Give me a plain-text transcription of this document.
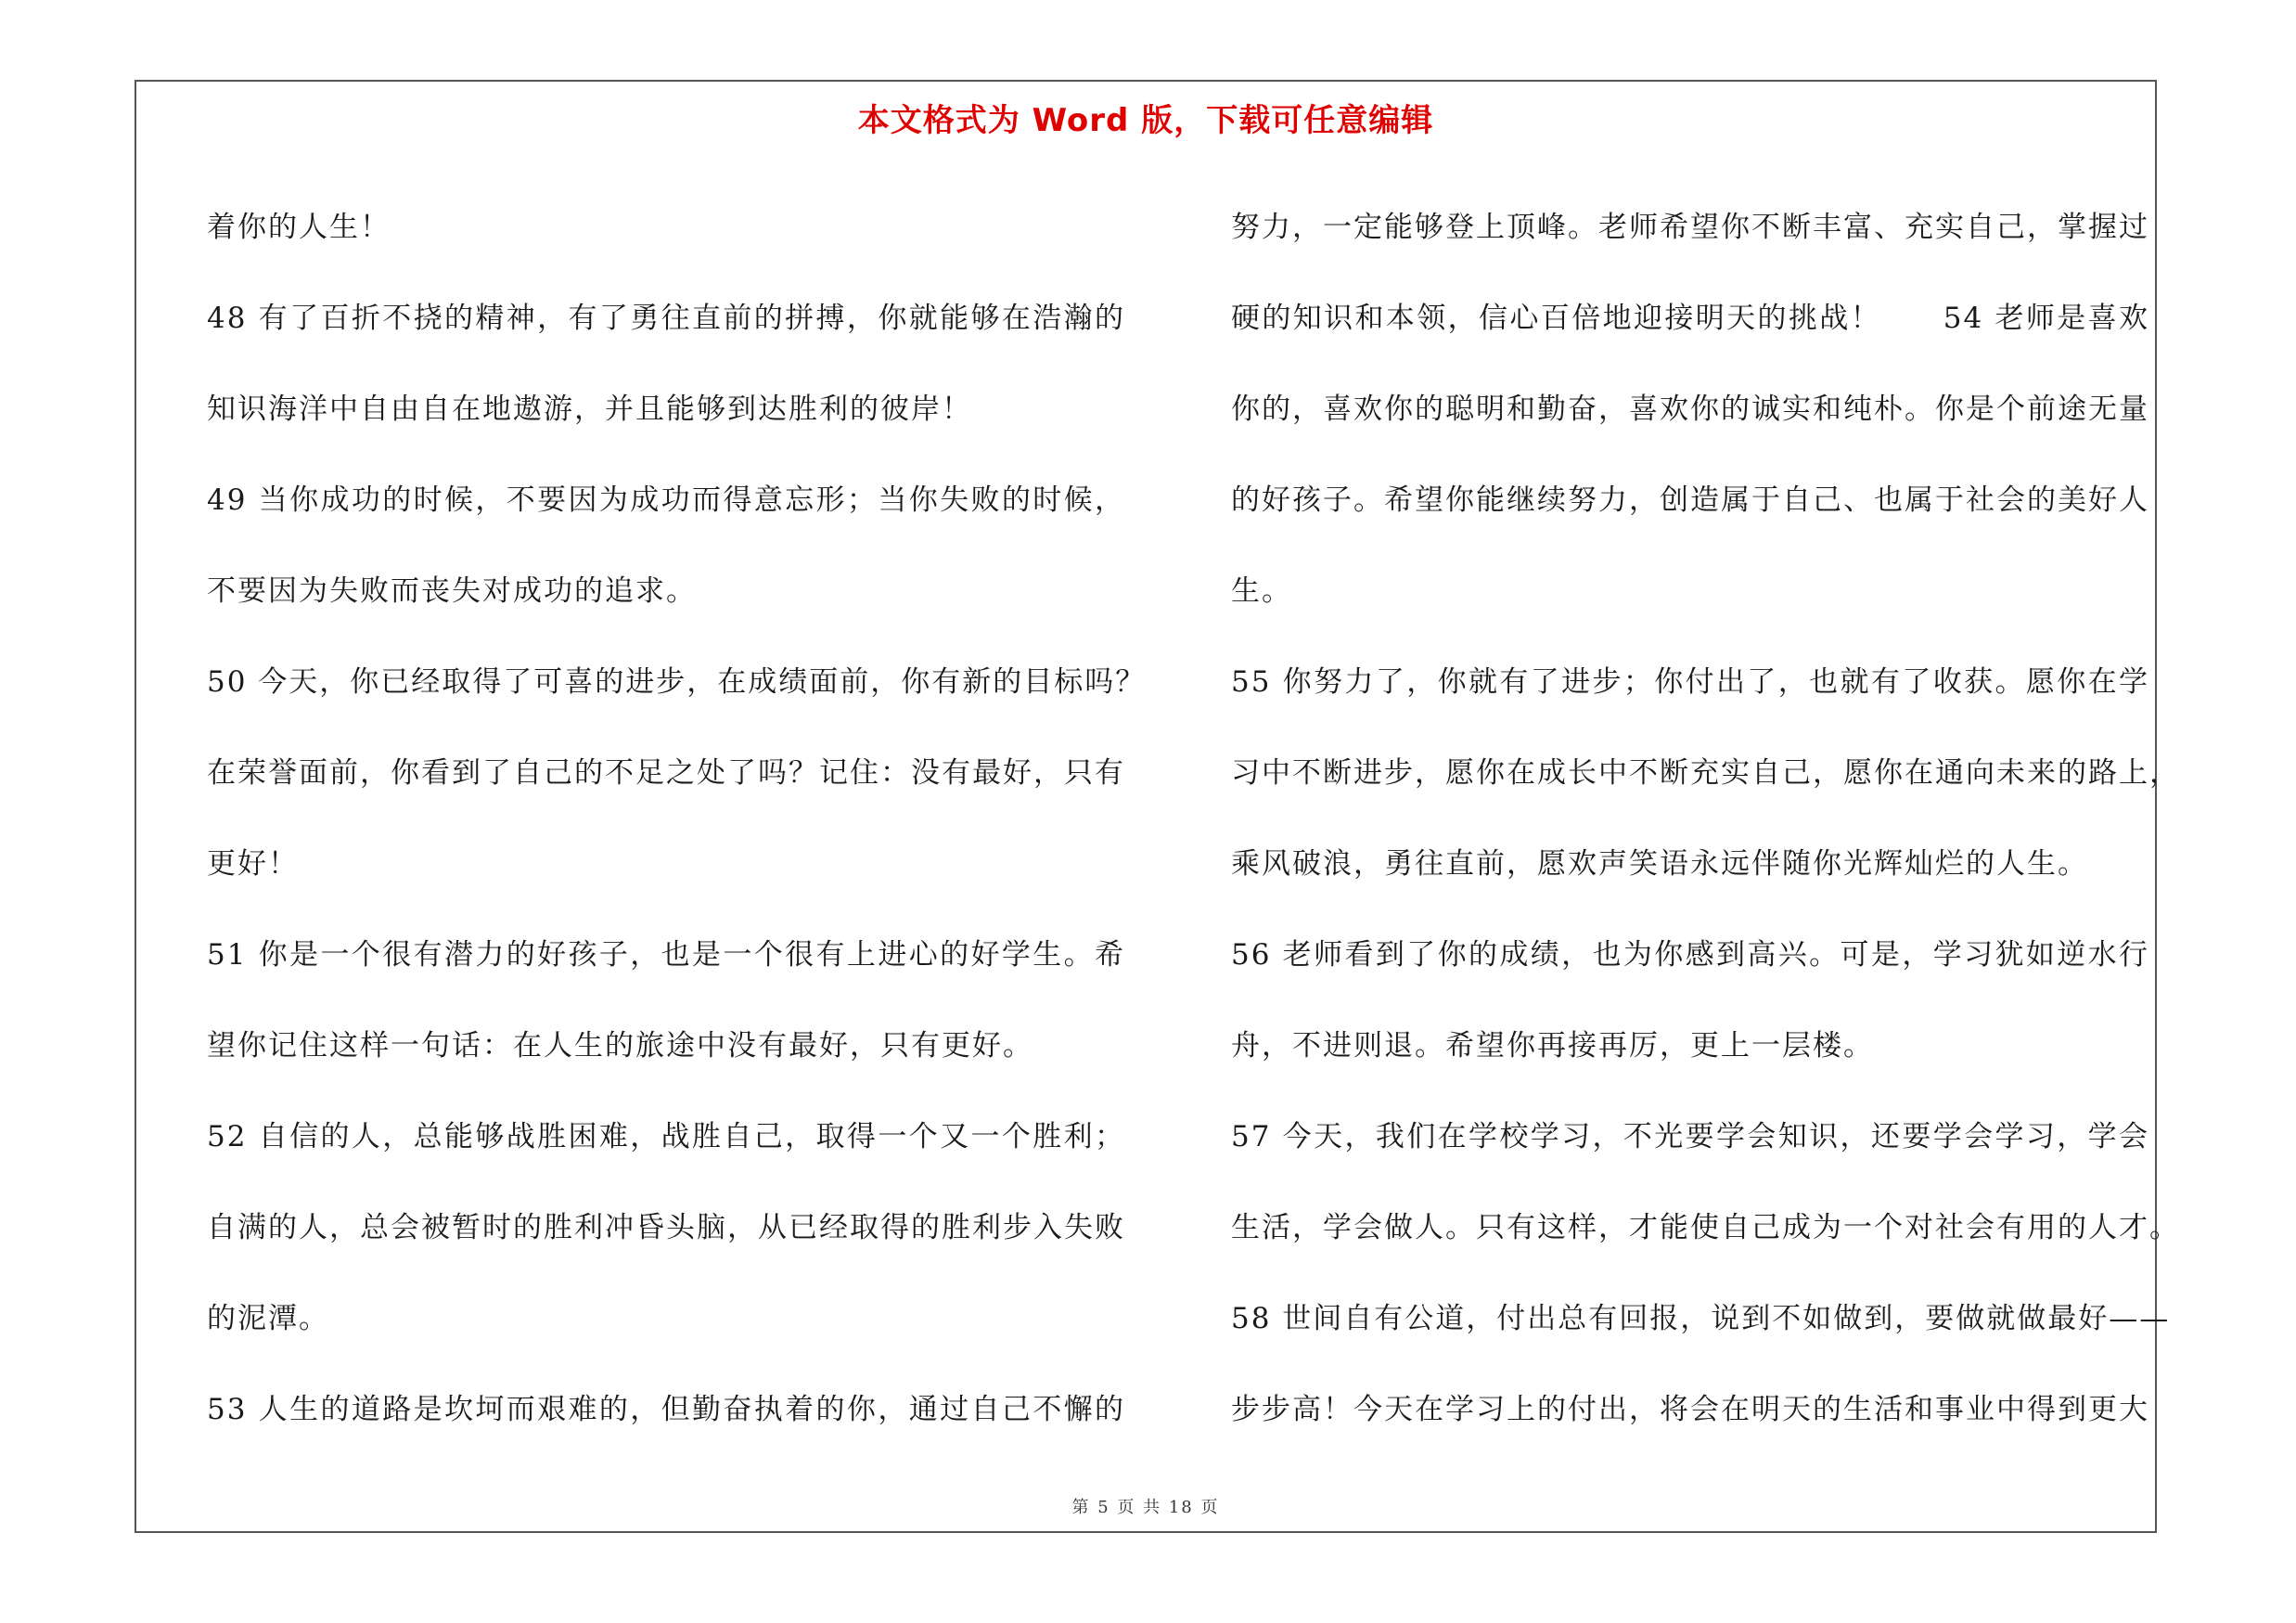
本文格式为 Word 版，下载可任意编辑
着你的人生！
48 有了百折不挠的精神，有了勇往直前的拼搏，你就能够在浩瀚的
知识海洋中自由自在地遨游，并且能够到达胜利的彼岸！
49 当你成功的时候，不要因为成功而得意忘形；当你失败的时候，
不要因为失败而丧失对成功的追求。
50 今天，你已经取得了可喜的进步，在成绩面前，你有新的目标吗？
在荣誉面前，你看到了自己的不足之处了吗？记住：没有最好，只有
更好！
51 你是一个很有潜力的好孩子，也是一个很有上进心的好学生。希
望你记住这样一句话：在人生的旅途中没有最好，只有更好。
52 自信的人，总能够战胜困难，战胜自己，取得一个又一个胜利；
自满的人，总会被暂时的胜利冲昏头脑，从已经取得的胜利步入失败
的泥潭。
53 人生的道路是坎坷而艰难的，但勤奋执着的你，通过自己不懈的
努力，一定能够登上顶峰。老师希望你不断丰富、充实自己，掌握过
硬的知识和本领，信心百倍地迎接明天的挑战！　　54 老师是喜欢
你的，喜欢你的聪明和勤奋，喜欢你的诚实和纯朴。你是个前途无量
的好孩子。希望你能继续努力，创造属于自己、也属于社会的美好人
生。
55 你努力了，你就有了进步；你付出了，也就有了收获。愿你在学
习中不断进步，愿你在成长中不断充实自己，愿你在通向未来的路上，
乘风破浪，勇往直前，愿欢声笑语永远伴随你光辉灿烂的人生。
56 老师看到了你的成绩，也为你感到高兴。可是，学习犹如逆水行
舟，不进则退。希望你再接再厉，更上一层楼。
57 今天，我们在学校学习，不光要学会知识，还要学会学习，学会
生活，学会做人。只有这样，才能使自己成为一个对社会有用的人才。
58 世间自有公道，付出总有回报，说到不如做到，要做就做最好——
步步高！今天在学习上的付出，将会在明天的生活和事业中得到更大
第 5 页 共 18 页
